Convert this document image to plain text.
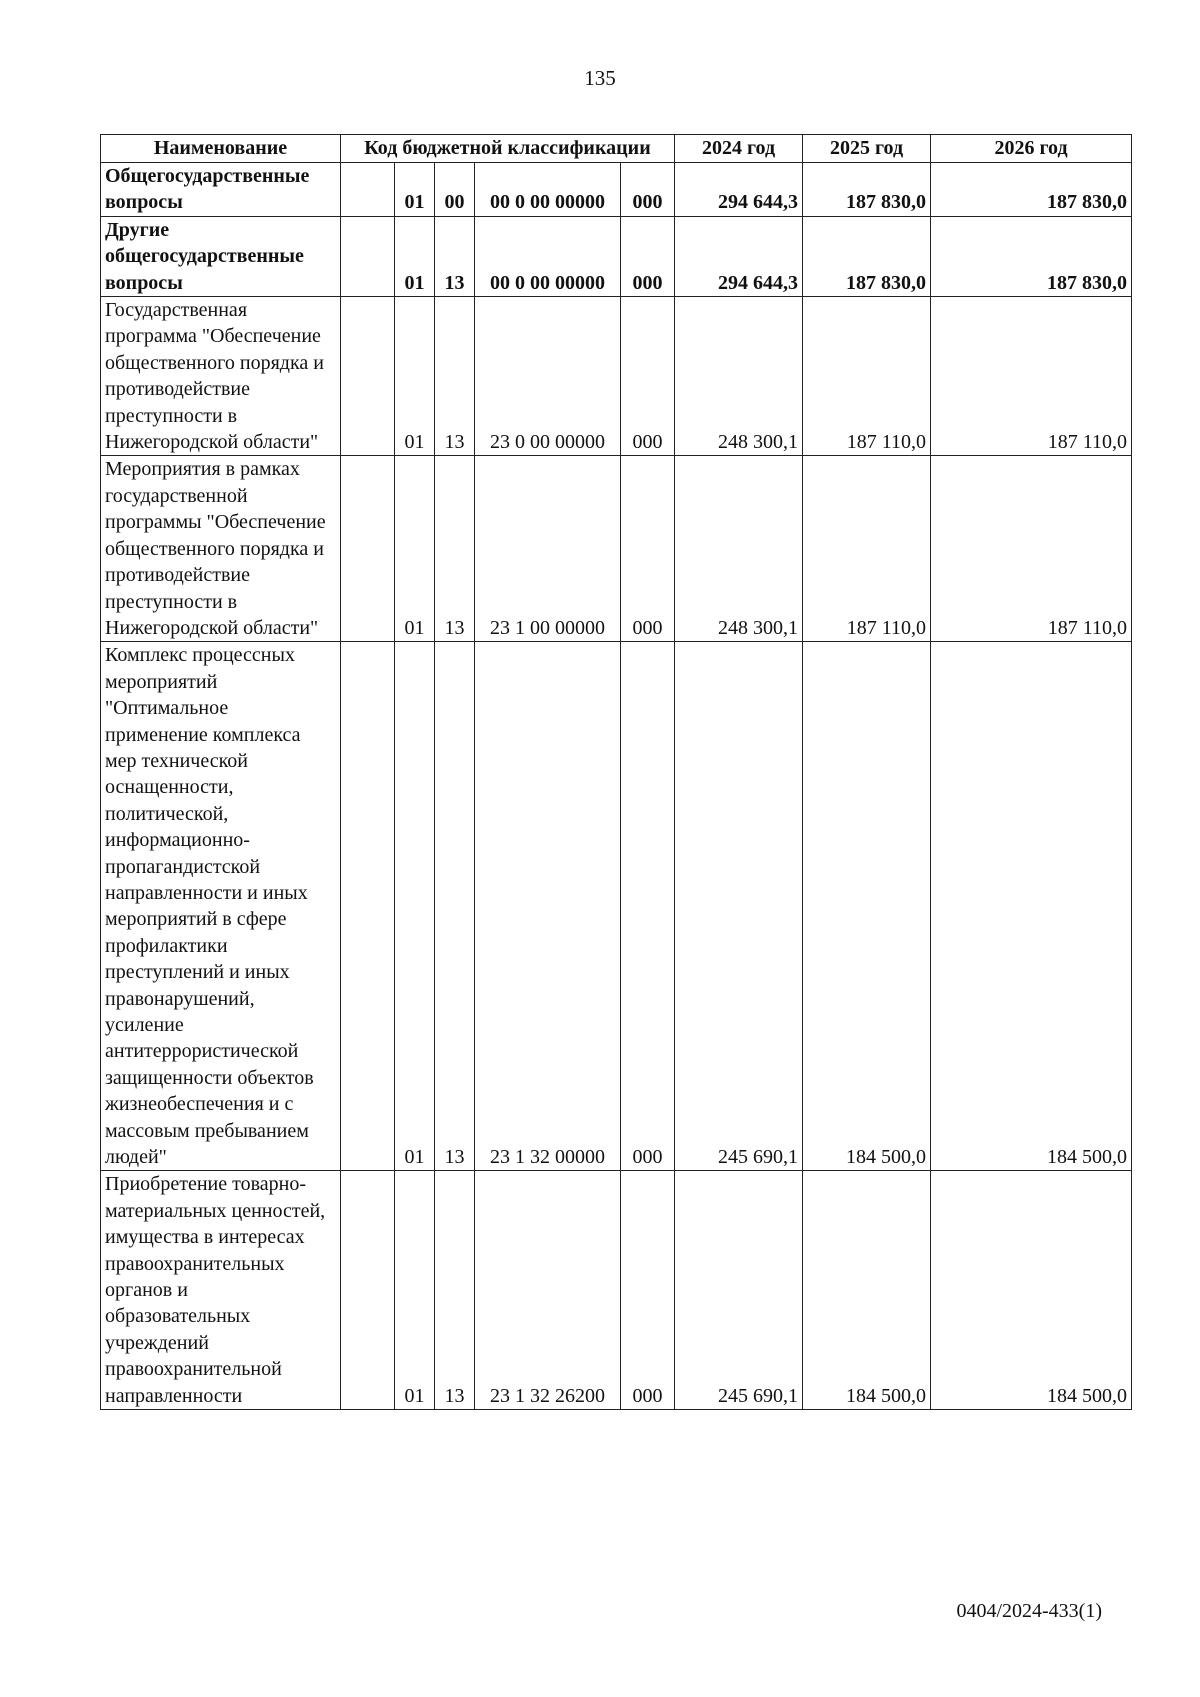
135
Наименование	Код бюджетной классификации					2024 год	2025 год	2026 год
Общегосударственные вопросы		01	00	00 0 00 00000	000	294 644,3	187 830,0	187 830,0
Другие общегосударственные вопросы		01	13	00 0 00 00000	000	294 644,3	187 830,0	187 830,0
Государственная программа "Обеспечение общественного порядка и противодействие преступности в Нижегородской области"		01	13	23 0 00 00000	000	248 300,1	187 110,0	187 110,0
Мероприятия в рамках государственной программы "Обеспечение общественного порядка и противодействие преступности в Нижегородской области"		01	13	23 1 00 00000	000	248 300,1	187 110,0	187 110,0
Комплекс процессных мероприятий "Оптимальное применение комплекса мер технической оснащенности, политической, информационно-пропагандистской направленности и иных мероприятий в сфере профилактики преступлений и иных правонарушений, усиление антитеррористической защищенности объектов жизнеобеспечения и с массовым пребыванием людей"		01	13	23 1 32 00000	000	245 690,1	184 500,0	184 500,0
Приобретение товарно-материальных ценностей, имущества в интересах правоохранительных органов и образовательных учреждений правоохранительной направленности		01	13	23 1 32 26200	000	245 690,1	184 500,0	184 500,0
0404/2024-433(1)
